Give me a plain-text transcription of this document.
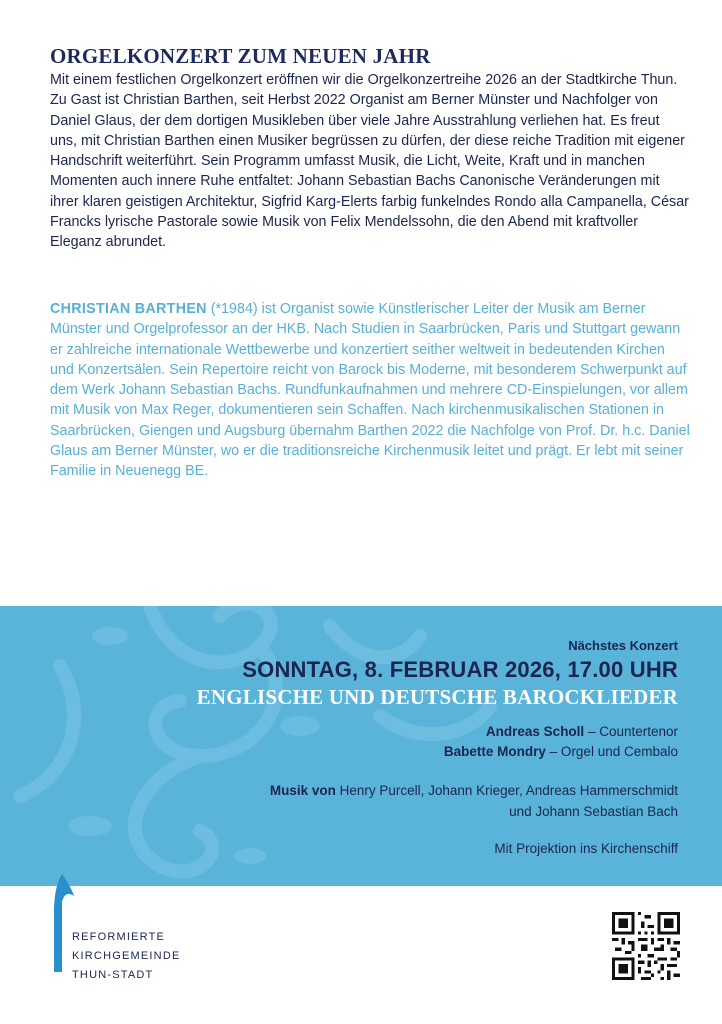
ORGELKONZERT ZUM NEUEN JAHR

Mit einem festlichen Orgelkonzert eröffnen wir die Orgelkonzertreihe 2026 an der Stadtkirche Thun. Zu Gast ist Christian Barthen, seit Herbst 2022 Organist am Berner Münster und Nachfolger von Daniel Glaus, der dem dortigen Musikleben über viele Jahre Ausstrahlung verliehen hat. Es freut uns, mit Christian Barthen einen Musiker begrüssen zu dürfen, der diese reiche Tradition mit eigener Handschrift weiterführt. Sein Programm umfasst Musik, die Licht, Weite, Kraft und in manchen Momenten auch innere Ruhe entfaltet: Johann Sebastian Bachs Canonische Veränderungen mit ihrer klaren geistigen Architektur, Sigfrid Karg-Elerts farbig funkelndes Rondo alla Campanella, César Francks lyrische Pastorale sowie Musik von Felix Mendelssohn, die den Abend mit kraftvoller Eleganz abrundet.

CHRISTIAN BARTHEN (*1984) ist Organist sowie Künstlerischer Leiter der Musik am Berner Münster und Orgelprofessor an der HKB. Nach Studien in Saarbrücken, Paris und Stuttgart gewann er zahlreiche internationale Wettbewerbe und konzertiert seither weltweit in bedeutenden Kirchen und Konzertsälen. Sein Repertoire reicht von Barock bis Moderne, mit besonderem Schwerpunkt auf dem Werk Johann Sebastian Bachs. Rundfunkaufnahmen und mehrere CD-Einspielungen, vor allem mit Musik von Max Reger, dokumentieren sein Schaffen. Nach kirchenmusikalischen Stationen in Saarbrücken, Giengen und Augsburg übernahm Barthen 2022 die Nachfolge von Prof. Dr. h.c. Daniel Glaus am Berner Münster, wo er die traditionsreiche Kirchenmusik leitet und prägt. Er lebt mit seiner Familie in Neuenegg BE.

Nächstes Konzert

SONNTAG, 8. FEBRUAR 2026, 17.00 UHR

ENGLISCHE UND DEUTSCHE BAROCKLIEDER

Andreas Scholl – Countertenor
Babette Mondry – Orgel und Cembalo
Musik von Henry Purcell, Johann Krieger, Andreas Hammerschmidt
und Johann Sebastian Bach
Mit Projektion ins Kirchenschiff
REFORMIERTE
KIRCHGEMEINDE
THUN-STADT
